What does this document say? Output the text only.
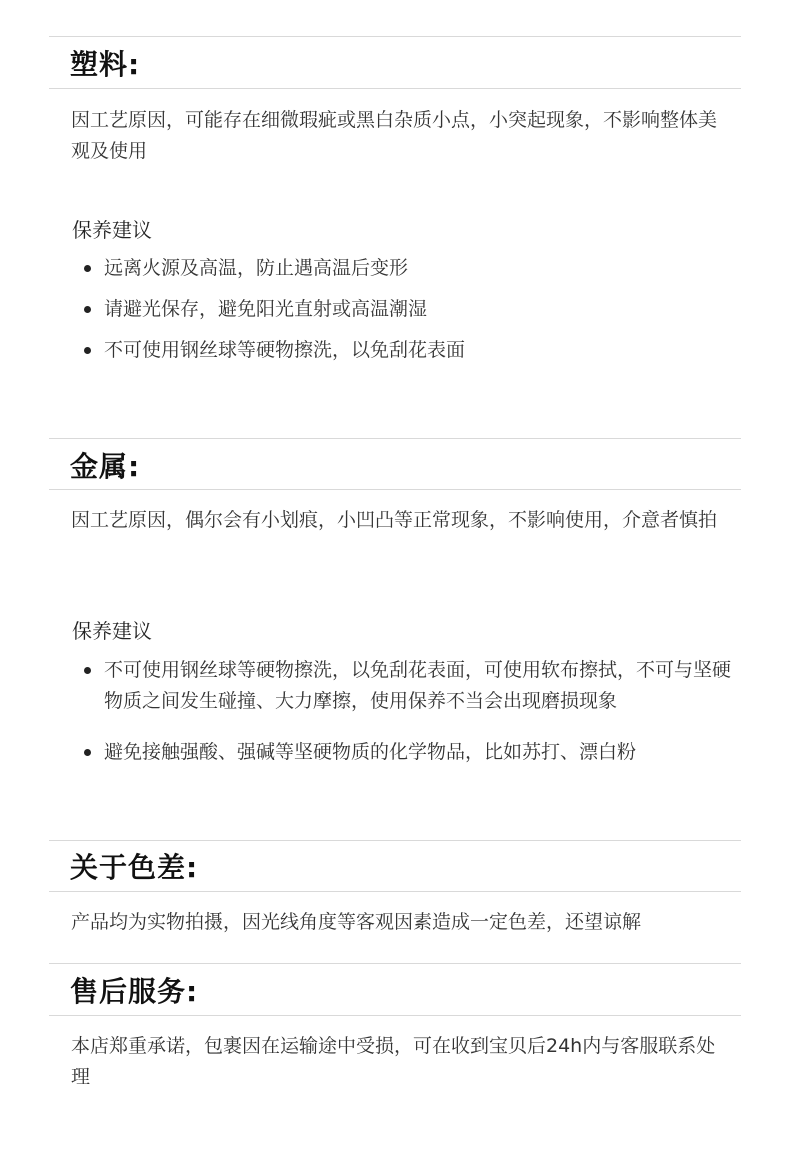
塑料:
因工艺原因，可能存在细微瑕疵或黑白杂质小点，小突起现象，不影响整体美观及使用
保养建议
远离火源及高温，防止遇高温后变形
请避光保存，避免阳光直射或高温潮湿
不可使用钢丝球等硬物擦洗，以免刮花表面
金属:
因工艺原因，偶尔会有小划痕，小凹凸等正常现象，不影响使用，介意者慎拍
保养建议
不可使用钢丝球等硬物擦洗，以免刮花表面，可使用软布擦拭，不可与坚硬物质之间发生碰撞、大力摩擦，使用保养不当会出现磨损现象
避免接触强酸、强碱等坚硬物质的化学物品，比如苏打、漂白粉
关于色差:
产品均为实物拍摄，因光线角度等客观因素造成一定色差，还望谅解
售后服务:
本店郑重承诺，包裹因在运输途中受损，可在收到宝贝后24h内与客服联系处理
